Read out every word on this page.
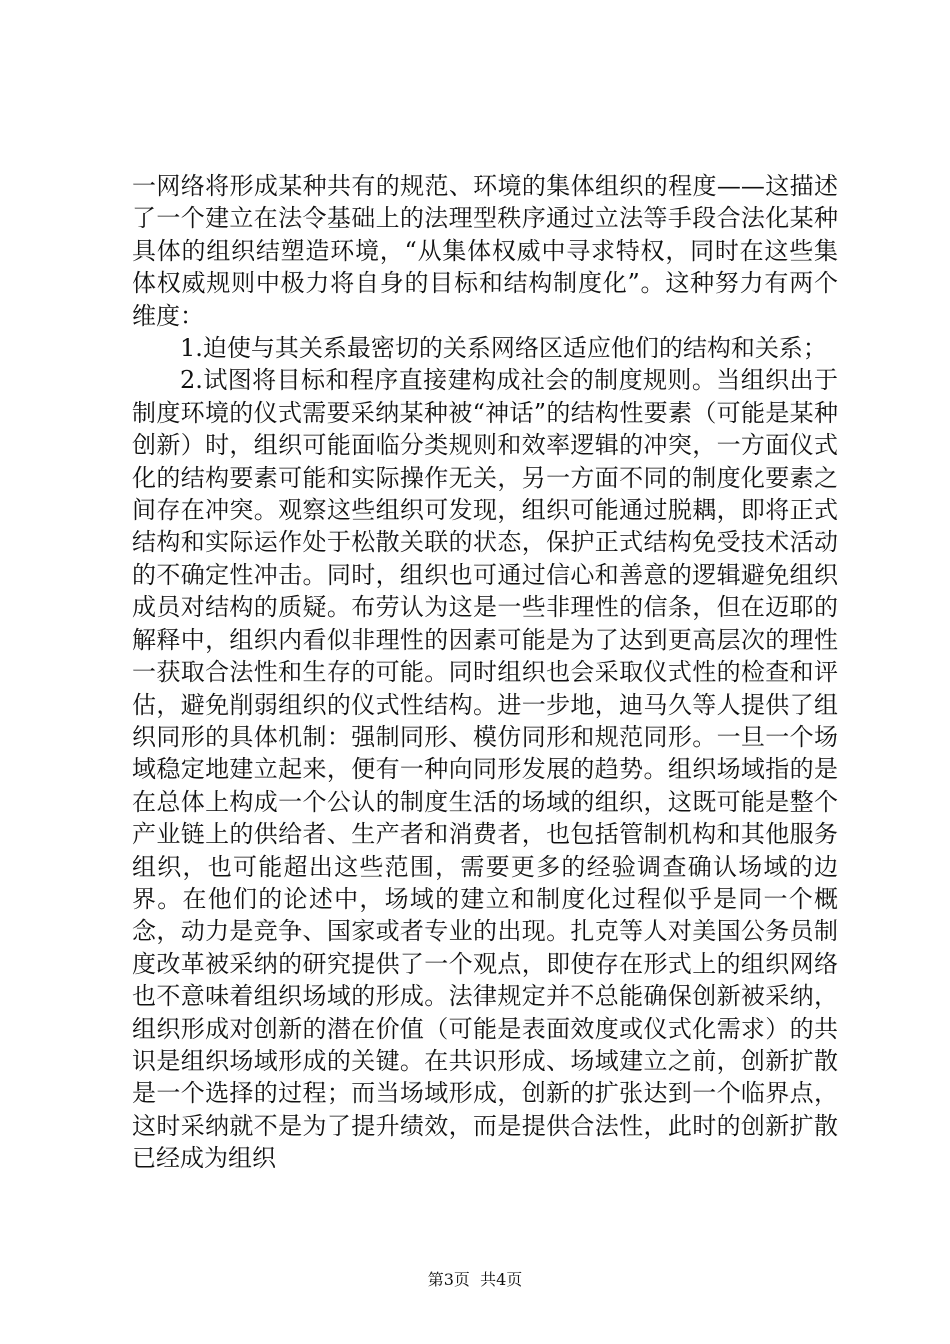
一网络将形成某种共有的规范、环境的集体组织的程度——这描述了一个建立在法令基础上的法理型秩序通过立法等手段合法化某种具体的组织结塑造环境，“从集体权威中寻求特权，同时在这些集体权威规则中极力将自身的目标和结构制度化”。这种努力有两个维度：

1.迫使与其关系最密切的关系网络区适应他们的结构和关系；

2.试图将目标和程序直接建构成社会的制度规则。当组织出于制度环境的仪式需要采纳某种被“神话”的结构性要素（可能是某种创新）时，组织可能面临分类规则和效率逻辑的冲突，一方面仪式化的结构要素可能和实际操作无关，另一方面不同的制度化要素之间存在冲突。观察这些组织可发现，组织可能通过脱耦，即将正式结构和实际运作处于松散关联的状态，保护正式结构免受技术活动的不确定性冲击。同时，组织也可通过信心和善意的逻辑避免组织成员对结构的质疑。布劳认为这是一些非理性的信条，但在迈耶的解释中，组织内看似非理性的因素可能是为了达到更高层次的理性一获取合法性和生存的可能。同时组织也会采取仪式性的检查和评估，避免削弱组织的仪式性结构。进一步地，迪马久等人提供了组织同形的具体机制：强制同形、模仿同形和规范同形。一旦一个场域稳定地建立起来，便有一种向同形发展的趋势。组织场域指的是在总体上构成一个公认的制度生活的场域的组织，这既可能是整个产业链上的供给者、生产者和消费者，也包括管制机构和其他服务组织，也可能超出这些范围，需要更多的经验调查确认场域的边界。在他们的论述中，场域的建立和制度化过程似乎是同一个概念，动力是竞争、国家或者专业的出现。扎克等人对美国公务员制度改革被采纳的研究提供了一个观点，即使存在形式上的组织网络也不意味着组织场域的形成。法律规定并不总能确保创新被采纳，组织形成对创新的潜在价值（可能是表面效度或仪式化需求）的共识是组织场域形成的关键。在共识形成、场域建立之前，创新扩散是一个选择的过程；而当场域形成，创新的扩张达到一个临界点，这时采纳就不是为了提升绩效，而是提供合法性，此时的创新扩散已经成为组织

第3页  共4页
